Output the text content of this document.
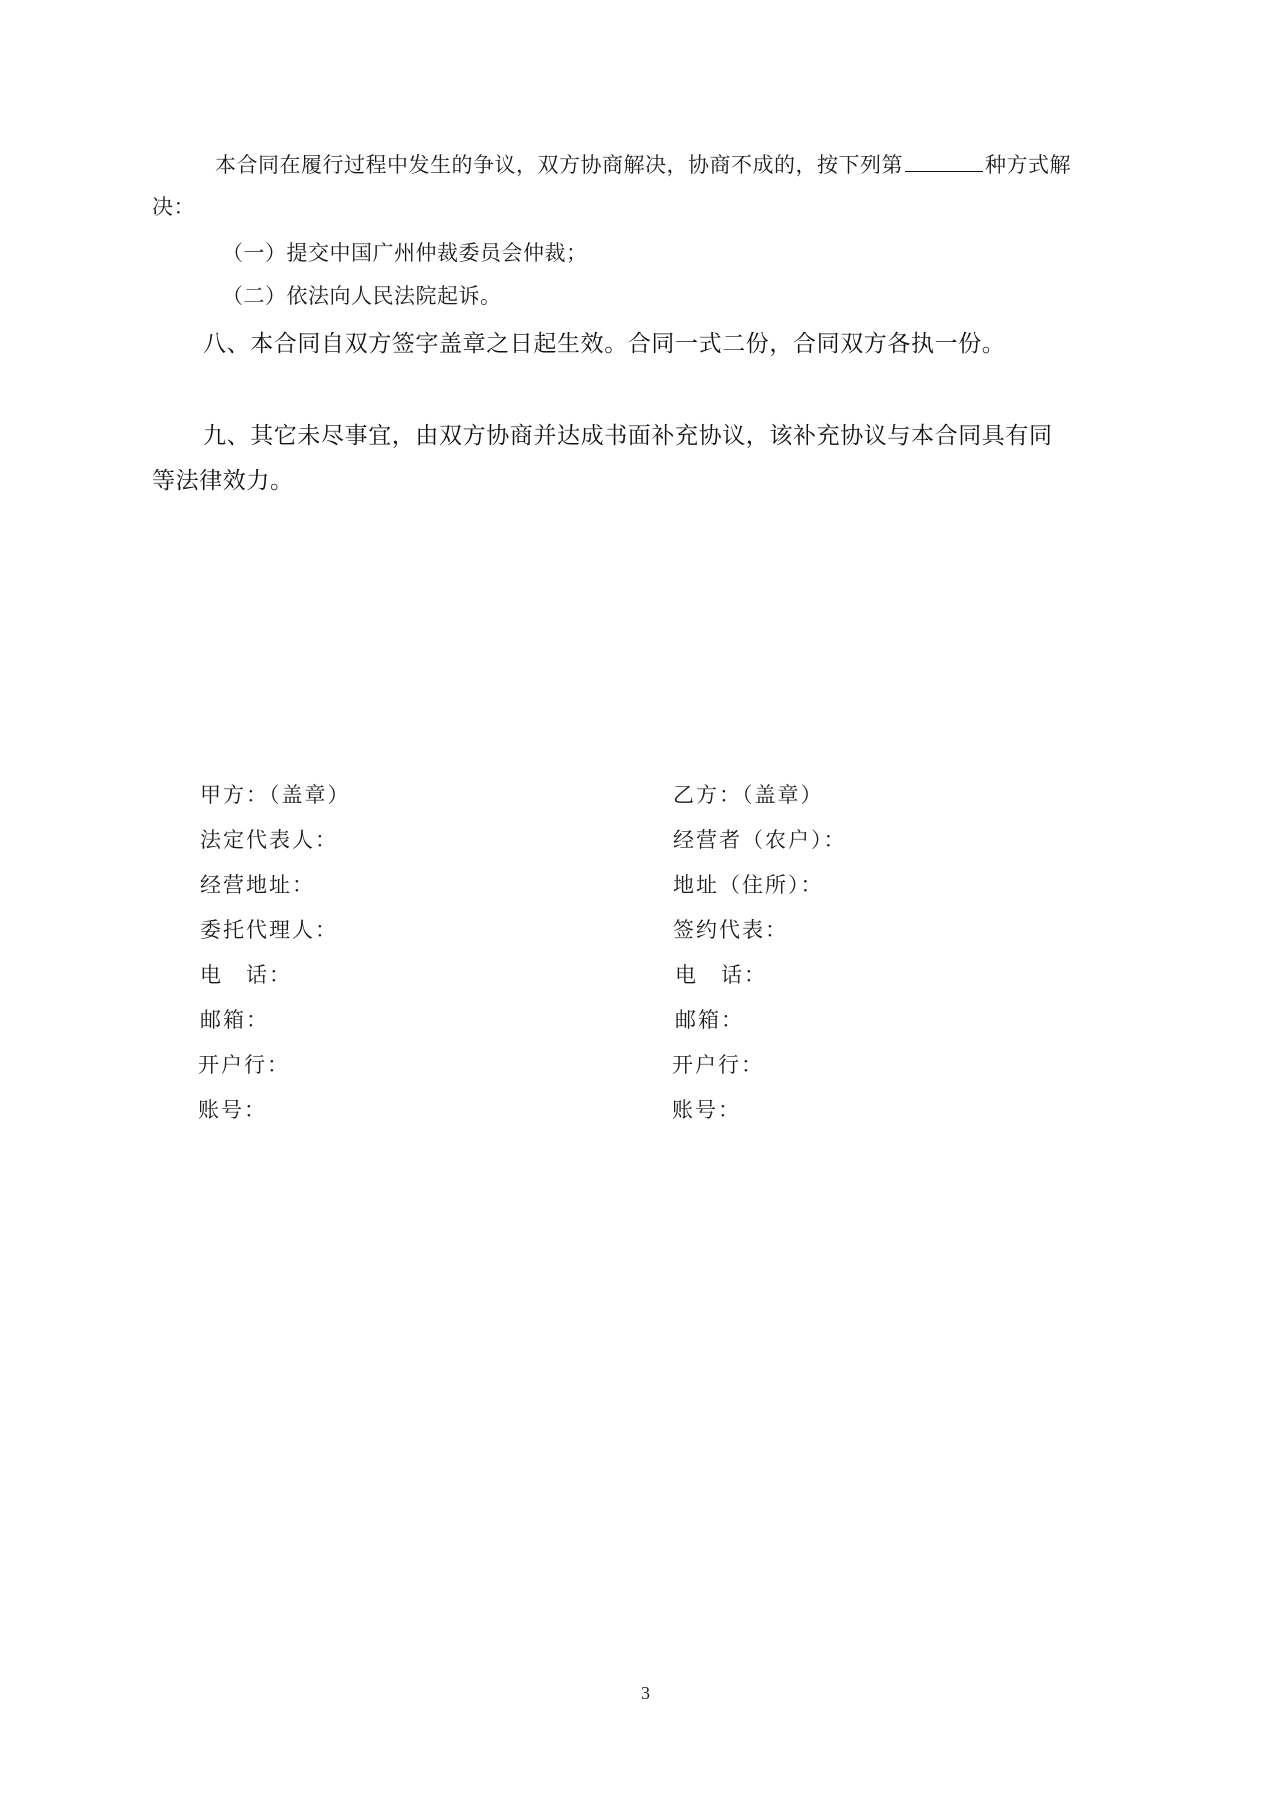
本合同在履行过程中发生的争议，双方协商解决，协商不成的，按下列第	种方式解
决：
（一）提交中国广州仲裁委员会仲裁；
（二）依法向人民法院起诉。
八、本合同自双方签字盖章之日起生效。合同一式二份，合同双方各执一份。
九、其它未尽事宜，由双方协商并达成书面补充协议，该补充协议与本合同具有同
等法律效力。
甲方：（盖章）
法定代表人：
经营地址：
委托代理人：
电　话：
邮箱：
开户行：
账号：
乙方：（盖章）
经营者（农户）：
地址（住所）：
签约代表：
电　话：
邮箱：
开户行：
账号：
3
